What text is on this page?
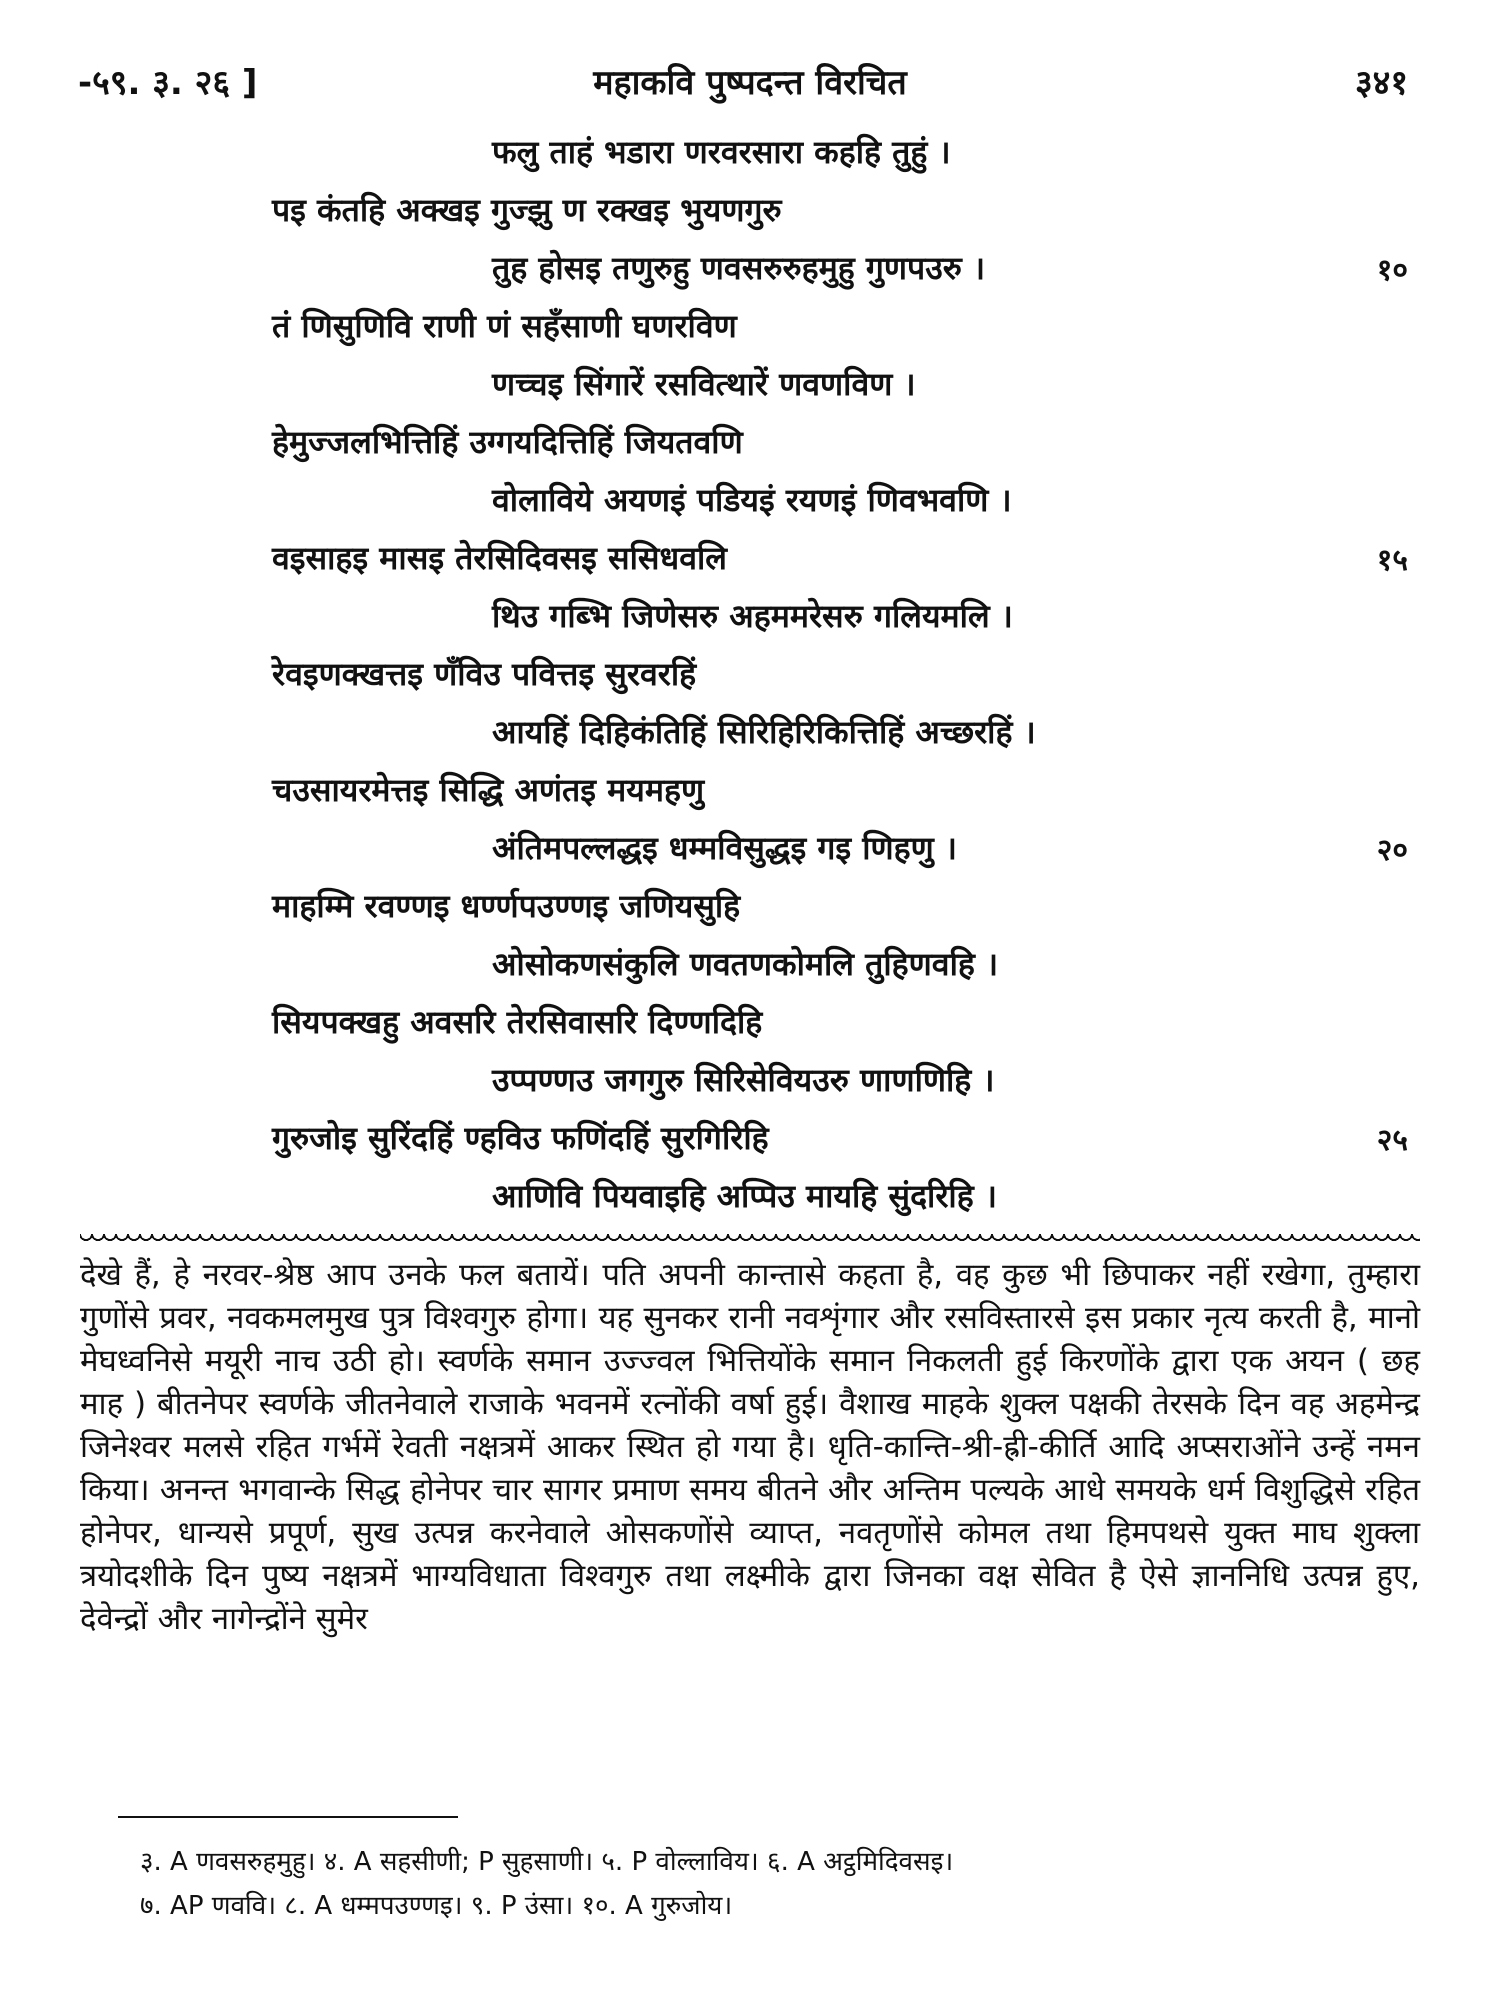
-५९. ३. २६ ]	महाकवि पुष्पदन्त विरचित	३४१
फलु ताहं भडारा णरवरसारा कहहि तुहुं ।
पइ कंतहि अक्खइ गुज्झु ण रक्खइ भुयणगुरु
तुह होसइ तणुरुहु णवसरुरुहमुहु गुणपउरु ।	१०
तं णिसुणिवि राणी णं सहँसाणी घणरविण
णच्चइ सिंगारें रसवित्थारें णवणविण ।
हेमुज्जलभित्तिहिं उग्गयदित्तिहिं जियतवणि
वोलाविये अयणइं पडियइं रयणइं णिवभवणि ।
वइसाहइ मासइ तेरसिदिवसइ ससिधवलि	१५
थिउ गब्भि जिणेसरु अहममरेसरु गलियमलि ।
रेवइणक्खत्तइ णँविउ पवित्तइ सुरवरहिं
आयहिं दिहिकंतिहिं सिरिहिरिकित्तिहिं अच्छरहिं ।
चउसायरमेत्तइ सिद्धि अणंतइ मयमहणु
अंतिमपल्लद्धइ धम्मविसुद्धइ गइ णिहणु ।	२०
माहम्मि रवण्णइ धर्ण्णपउण्णइ जणियसुहि
ओसोकणसंकुलि णवतणकोमलि तुहिणवहि ।
सियपक्खहु अवसरि तेरसिवासरि दिण्णदिहि
उप्पण्णउ जगगुरु सिरिसेवियउरु णाणणिहि ।
गुरुजोइ सुरिंदहिं ण्हविउ फणिंदहिं सुरगिरिहि	२५
आणिवि पियवाइहि अप्पिउ मायहि सुंदरिहि ।
देखे हैं, हे नरवर-श्रेष्ठ आप उनके फल बतायें। पति अपनी कान्तासे कहता है, वह कुछ भी छिपाकर नहीं रखेगा, तुम्हारा गुणोंसे प्रवर, नवकमलमुख पुत्र विश्वगुरु होगा। यह सुनकर रानी नवशृंगार और रसविस्तारसे इस प्रकार नृत्य करती है, मानो मेघध्वनिसे मयूरी नाच उठी हो। स्वर्णके समान उज्ज्वल भित्तियोंके समान निकलती हुई किरणोंके द्वारा एक अयन ( छह माह ) बीतनेपर स्वर्णके जीतनेवाले राजाके भवनमें रत्नोंकी वर्षा हुई। वैशाख माहके शुक्ल पक्षकी तेरसके दिन वह अहमेन्द्र जिनेश्वर मलसे रहित गर्भमें रेवती नक्षत्रमें आकर स्थित हो गया है। धृति-कान्ति-श्री-ह्री-कीर्ति आदि अप्सराओंने उन्हें नमन किया। अनन्त भगवान्के सिद्ध होनेपर चार सागर प्रमाण समय बीतने और अन्तिम पल्यके आधे समयके धर्म विशुद्धिसे रहित होनेपर, धान्यसे प्रपूर्ण, सुख उत्पन्न करनेवाले ओसकणोंसे व्याप्त, नवतृणोंसे कोमल तथा हिमपथसे युक्त माघ शुक्ला त्रयोदशीके दिन पुष्य नक्षत्रमें भाग्यविधाता विश्वगुरु तथा लक्ष्मीके द्वारा जिनका वक्ष सेवित है ऐसे ज्ञाननिधि उत्पन्न हुए, देवेन्द्रों और नागेन्द्रोंने सुमेर
३. A णवसरुहमुहु। ४. A सहसीणी; P सुहसाणी। ५. P वोल्लाविय। ६. A अट्ठमिदिवसइ।
७. AP णववि। ८. A धम्मपउण्णइ। ९. P उंसा। १०. A गुरुजोय।
